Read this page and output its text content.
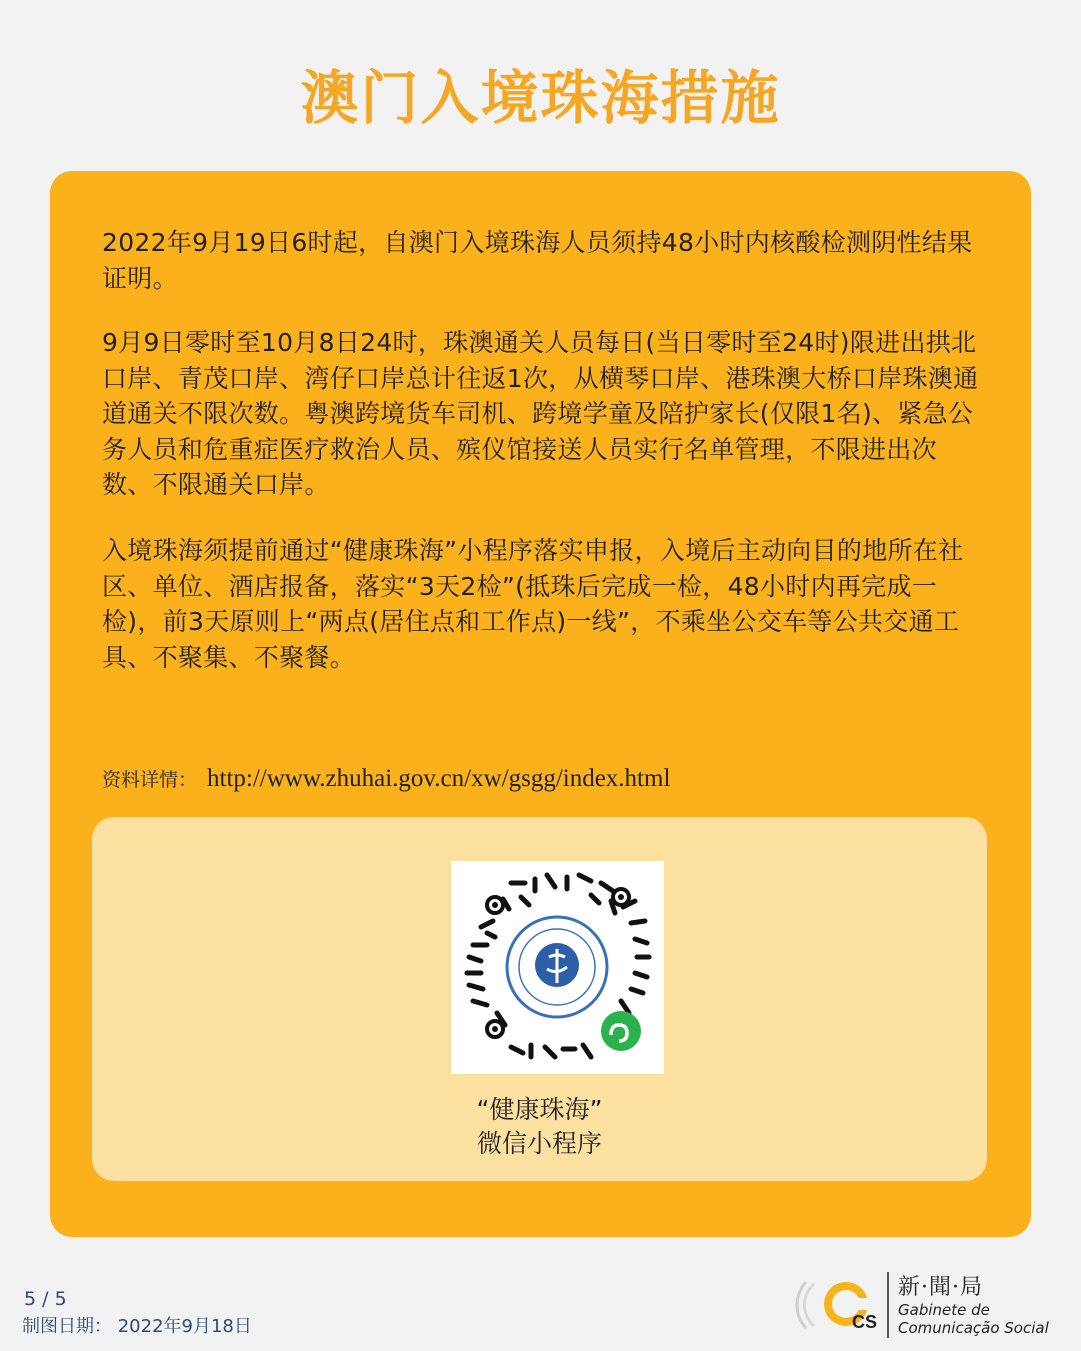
澳门入境珠海措施

2022年9月19日6时起，自澳门入境珠海人员须持48小时内核酸检测阴性结果证明。

9月9日零时至10月8日24时，珠澳通关人员每日(当日零时至24时)限进出拱北口岸、青茂口岸、湾仔口岸总计往返1次，从横琴口岸、港珠澳大桥口岸珠澳通道通关不限次数。粤澳跨境货车司机、跨境学童及陪护家长(仅限1名)、紧急公务人员和危重症医疗救治人员、殡仪馆接送人员实行名单管理，不限进出次数、不限通关口岸。

入境珠海须提前通过“健康珠海”小程序落实申报，入境后主动向目的地所在社区、单位、酒店报备，落实“3天2检”(抵珠后完成一检，48小时内再完成一检)，前3天原则上“两点(居住点和工作点)一线”，不乘坐公交车等公共交通工具、不聚集、不聚餐。

资料详情： http://www.zhuhai.gov.cn/xw/gsgg/index.html
“健康珠海”
微信小程序
5 / 5
制图日期： 2022年9月18日	CS
新·聞·局
Gabinete de
Comunicação Social
